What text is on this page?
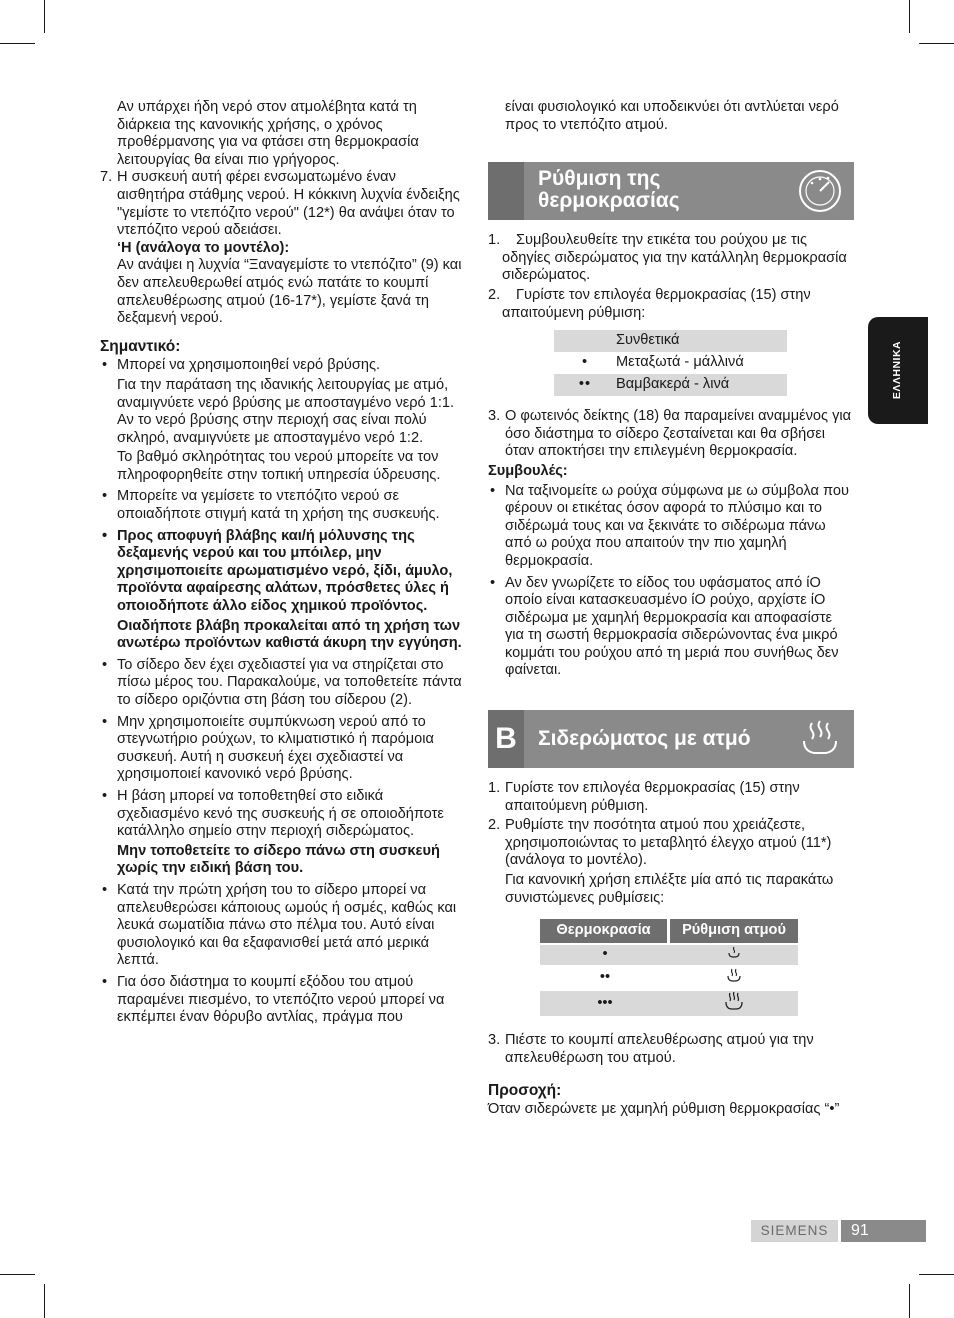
Αν υπάρχει ήδη νερό στον ατμολέβητα κατά τη διάρκεια της κανονικής χρήσης, ο χρόνος προθέρμανσης για να φτάσει στη θερμοκρασία λειτουργίας θα είναι πιο γρήγορος.

7. Η συσκευή αυτή φέρει ενσωματωμένο έναν αισθητήρα στάθμης νερού. Η κόκκινη λυχνία ένδειξης "γεμίστε το ντεπόζιτο νερού" (12*) θα ανάψει όταν το ντεπόζιτο νερού αδειάσει.

‘Η (ανάλογα το μοντέλο):

Αν ανάψει η λυχνία “Ξαναγεμίστε το ντεπόζιτο” (9) και δεν απελευθερωθεί ατμός ενώ πατάτε το κουμπί απελευθέρωσης ατμού (16-17*), γεμίστε ξανά τη δεξαμενή νερού.

Σημαντικό:

• Μπορεί να χρησιμοποιηθεί νερό βρύσης.

Για την παράταση της ιδανικής λειτουργίας με ατμό, αναμιγνύετε νερό βρύσης με αποσταγμένο νερό 1:1. Αν το νερό βρύσης στην περιοχή σας είναι πολύ σκληρό, αναμιγνύετε με αποσταγμένο νερό 1:2.

Το βαθμό σκληρότητας του νερού μπορείτε να τον πληροφορηθείτε στην τοπική υπηρεσία ύδρευσης.

• Μπορείτε να γεμίσετε το ντεπόζιτο νερού σε οποιαδήποτε στιγμή κατά τη χρήση της συσκευής.
• Προς αποφυγή βλάβης και/ή μόλυνσης της δεξαμενής νερού και του μπόιλερ, μην χρησιμοποιείτε αρωματισμένο νερό, ξίδι, άμυλο, προϊόντα αφαίρεσης αλάτων, πρόσθετες ύλες ή οποιοδήποτε άλλο είδος χημικού προϊόντος.

Οιαδήποτε βλάβη προκαλείται από τη χρήση των ανωτέρω προϊόντων καθιστά άκυρη την εγγύηση.

• Το σίδερο δεν έχει σχεδιαστεί για να στηρίζεται στο πίσω μέρος του. Παρακαλούμε, να τοποθετείτε πάντα το σίδερο οριζόντια στη βάση του σίδερου (2).
• Μην χρησιμοποιείτε συμπύκνωση νερού από το στεγνωτήριο ρούχων, το κλιματιστικό ή παρόμοια συσκευή. Αυτή η συσκευή έχει σχεδιαστεί να χρησιμοποιεί κανονικό νερό βρύσης.
• Η βάση μπορεί να τοποθετηθεί στο ειδικά σχεδιασμένο κενό της συσκευής ή σε οποιοδήποτε κατάλληλο σημείο στην περιοχή σιδερώματος.

Μην τοποθετείτε το σίδερο πάνω στη συσκευή χωρίς την ειδική βάση του.

• Κατά την πρώτη χρήση του το σίδερο μπορεί να απελευθερώσει κάποιους ωμούς ή οσμές, καθώς και λευκά σωματίδια πάνω στο πέλμα του. Αυτό είναι φυσιολογικό και θα εξαφανισθεί μετά από μερικά λεπτά.
• Για όσο διάστημα το κουμπί εξόδου του ατμού παραμένει πιεσμένο, το ντεπόζιτο νερού μπορεί να εκπέμπει έναν θόρυβο αντλίας, πράγμα που

είναι φυσιολογικό και υποδεικνύει ότι αντλύεται νερό προς το ντεπόζιτο ατμού.

Ρύθμιση της θερμοκρασίας
1. Συμβουλευθείτε την ετικέτα του ρούχου με τις οδηγίες σιδερώματος για την κατάλληλη θερμοκρασία σιδερώματος.
2. Γυρίστε τον επιλογέα θερμοκρασίας (15) στην απαιτούμενη ρύθμιση:
	Συνθετικά
•	Μεταξωτά - μάλλινά
••	Βαμβακερά - λινά
3. Ο φωτεινός δείκτης (18) θα παραμείνει αναμμένος για όσο διάστημα το σίδερο ζεσταίνεται και θα σβήσει όταν αποκτήσει την επιλεγμένη θερμοκρασία.

Συμβουλές:

• Να ταξινομείτε ω ρούχα σύμφωνα με ω σύμβολα που φέρουν οι ετικέτας όσον αφορά το πλύσιμο και το σιδέρωμά τους και να ξεκινάτε το σιδέρωμα πάνω από ω ρούχα που απαιτούν την πιο χαμηλή θερμοκρασία.
• Αν δεν γνωρίζετε το είδος του υφάσματος από ίΟ οποίο είναι κατασκευασμένο ίΟ ρούχο, αρχίστε ίΟ σιδέρωμα με χαμηλή θερμοκρασία και αποφασίστε για τη σωστή θερμοκρασία σιδερώνοντας ένα μικρό κομμάτι του ρούχου από τη μεριά που συνήθως δεν φαίνεται.
B	Σιδερώματος με ατμό
1. Γυρίστε τον επιλογέα θερμοκρασίας (15) στην απαιτούμενη ρύθμιση.
2. Ρυθμίστε την ποσότητα ατμού που χρειάζεστε, χρησιμοποιώντας το μεταβλητό έλεγχο ατμού (11*) (ανάλογα το μοντέλο).

Για κανονική χρήση επιλέξτε μία από τις παρακάτω συνιστώμενες ρυθμίσεις:

Θερμοκρασία	Ρύθμιση ατμού
•	
••	
•••	
3. Πιέστε το κουμπί απελευθέρωσης ατμού για την απελευθέρωση του ατμού.

Προσοχή:

Όταν σιδερώνετε με χαμηλή ρύθμιση θερμοκρασίας “•”

ΕΛΛΗΝΙΚΑ
SIEMENS	91
